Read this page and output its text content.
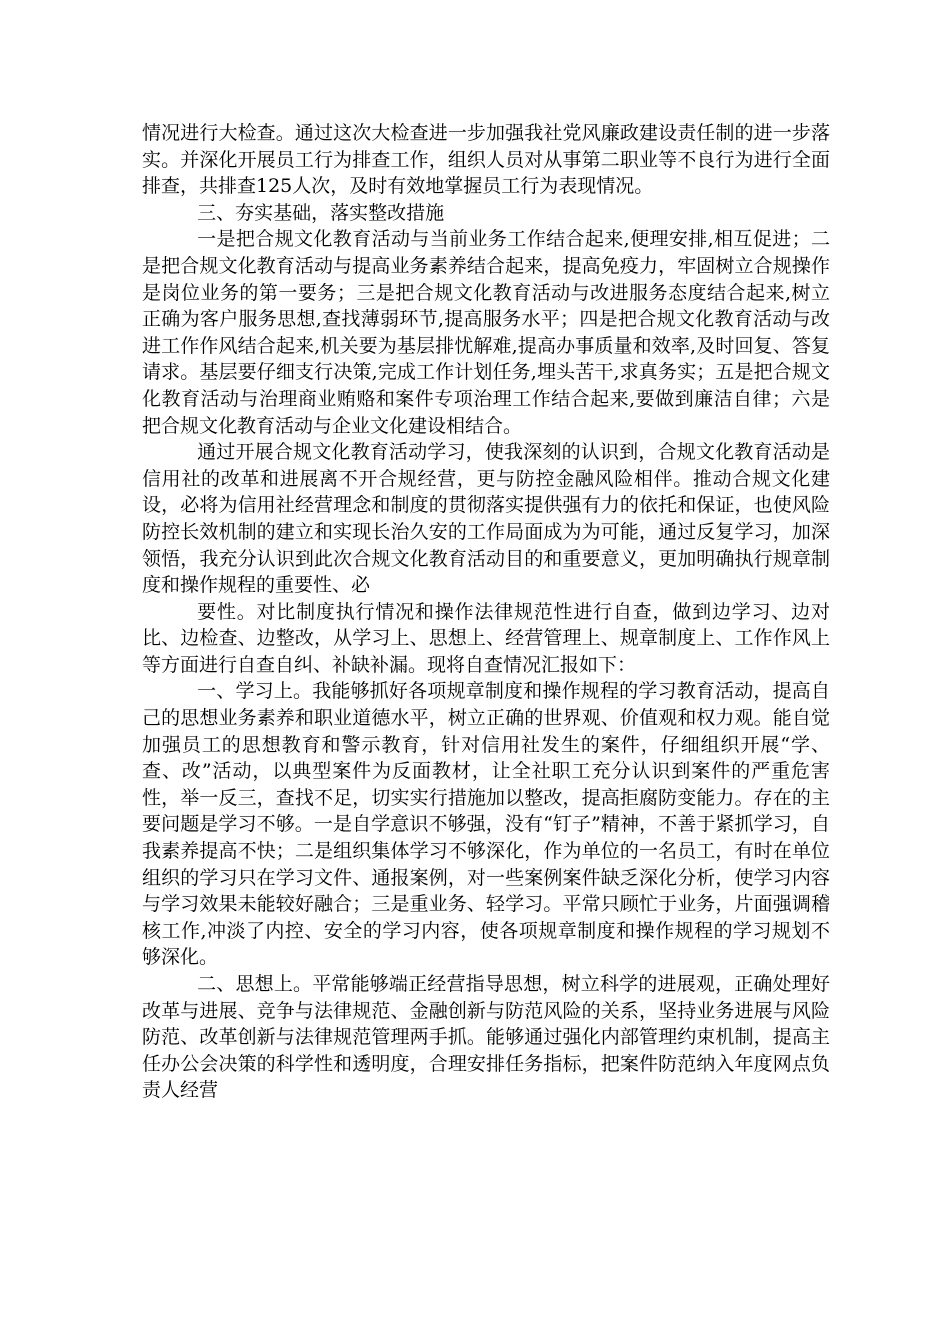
情况进行大检查。通过这次大检查进一步加强我社党风廉政建设责任制的进一步落实。并深化开展员工行为排查工作，组织人员对从事第二职业等不良行为进行全面排查，共排查125人次，及时有效地掌握员工行为表现情况。

三、夯实基础，落实整改措施

一是把合规文化教育活动与当前业务工作结合起来,便理安排,相互促进；二是把合规文化教育活动与提高业务素养结合起来，提高免疫力，牢固树立合规操作是岗位业务的第一要务；三是把合规文化教育活动与改进服务态度结合起来,树立正确为客户服务思想,查找薄弱环节,提高服务水平；四是把合规文化教育活动与改进工作作风结合起来,机关要为基层排忧解难,提高办事质量和效率,及时回复、答复请求。基层要仔细支行决策,完成工作计划任务,埋头苦干,求真务实；五是把合规文化教育活动与治理商业贿赂和案件专项治理工作结合起来,要做到廉洁自律；六是把合规文化教育活动与企业文化建设相结合。

通过开展合规文化教育活动学习，使我深刻的认识到，合规文化教育活动是信用社的改革和进展离不开合规经营，更与防控金融风险相伴。推动合规文化建设，必将为信用社经营理念和制度的贯彻落实提供强有力的依托和保证，也使风险防控长效机制的建立和实现长治久安的工作局面成为为可能，通过反复学习，加深领悟，我充分认识到此次合规文化教育活动目的和重要意义，更加明确执行规章制度和操作规程的重要性、必

要性。对比制度执行情况和操作法律规范性进行自查，做到边学习、边对比、边检查、边整改，从学习上、思想上、经营管理上、规章制度上、工作作风上等方面进行自查自纠、补缺补漏。现将自查情况汇报如下：

一、学习上。我能够抓好各项规章制度和操作规程的学习教育活动，提高自己的思想业务素养和职业道德水平，树立正确的世界观、价值观和权力观。能自觉加强员工的思想教育和警示教育，针对信用社发生的案件，仔细组织开展“学、查、改”活动，以典型案件为反面教材，让全社职工充分认识到案件的严重危害性，举一反三，查找不足，切实实行措施加以整改，提高拒腐防变能力。存在的主要问题是学习不够。一是自学意识不够强，没有“钉子”精神，不善于紧抓学习，自我素养提高不快；二是组织集体学习不够深化，作为单位的一名员工，有时在单位组织的学习只在学习文件、通报案例，对一些案例案件缺乏深化分析，使学习内容与学习效果未能较好融合；三是重业务、轻学习。平常只顾忙于业务，片面强调稽核工作,冲淡了内控、安全的学习内容，使各项规章制度和操作规程的学习规划不够深化。

二、思想上。平常能够端正经营指导思想，树立科学的进展观，正确处理好改革与进展、竞争与法律规范、金融创新与防范风险的关系，坚持业务进展与风险防范、改革创新与法律规范管理两手抓。能够通过强化内部管理约束机制，提高主任办公会决策的科学性和透明度，合理安排任务指标，把案件防范纳入年度网点负责人经营
